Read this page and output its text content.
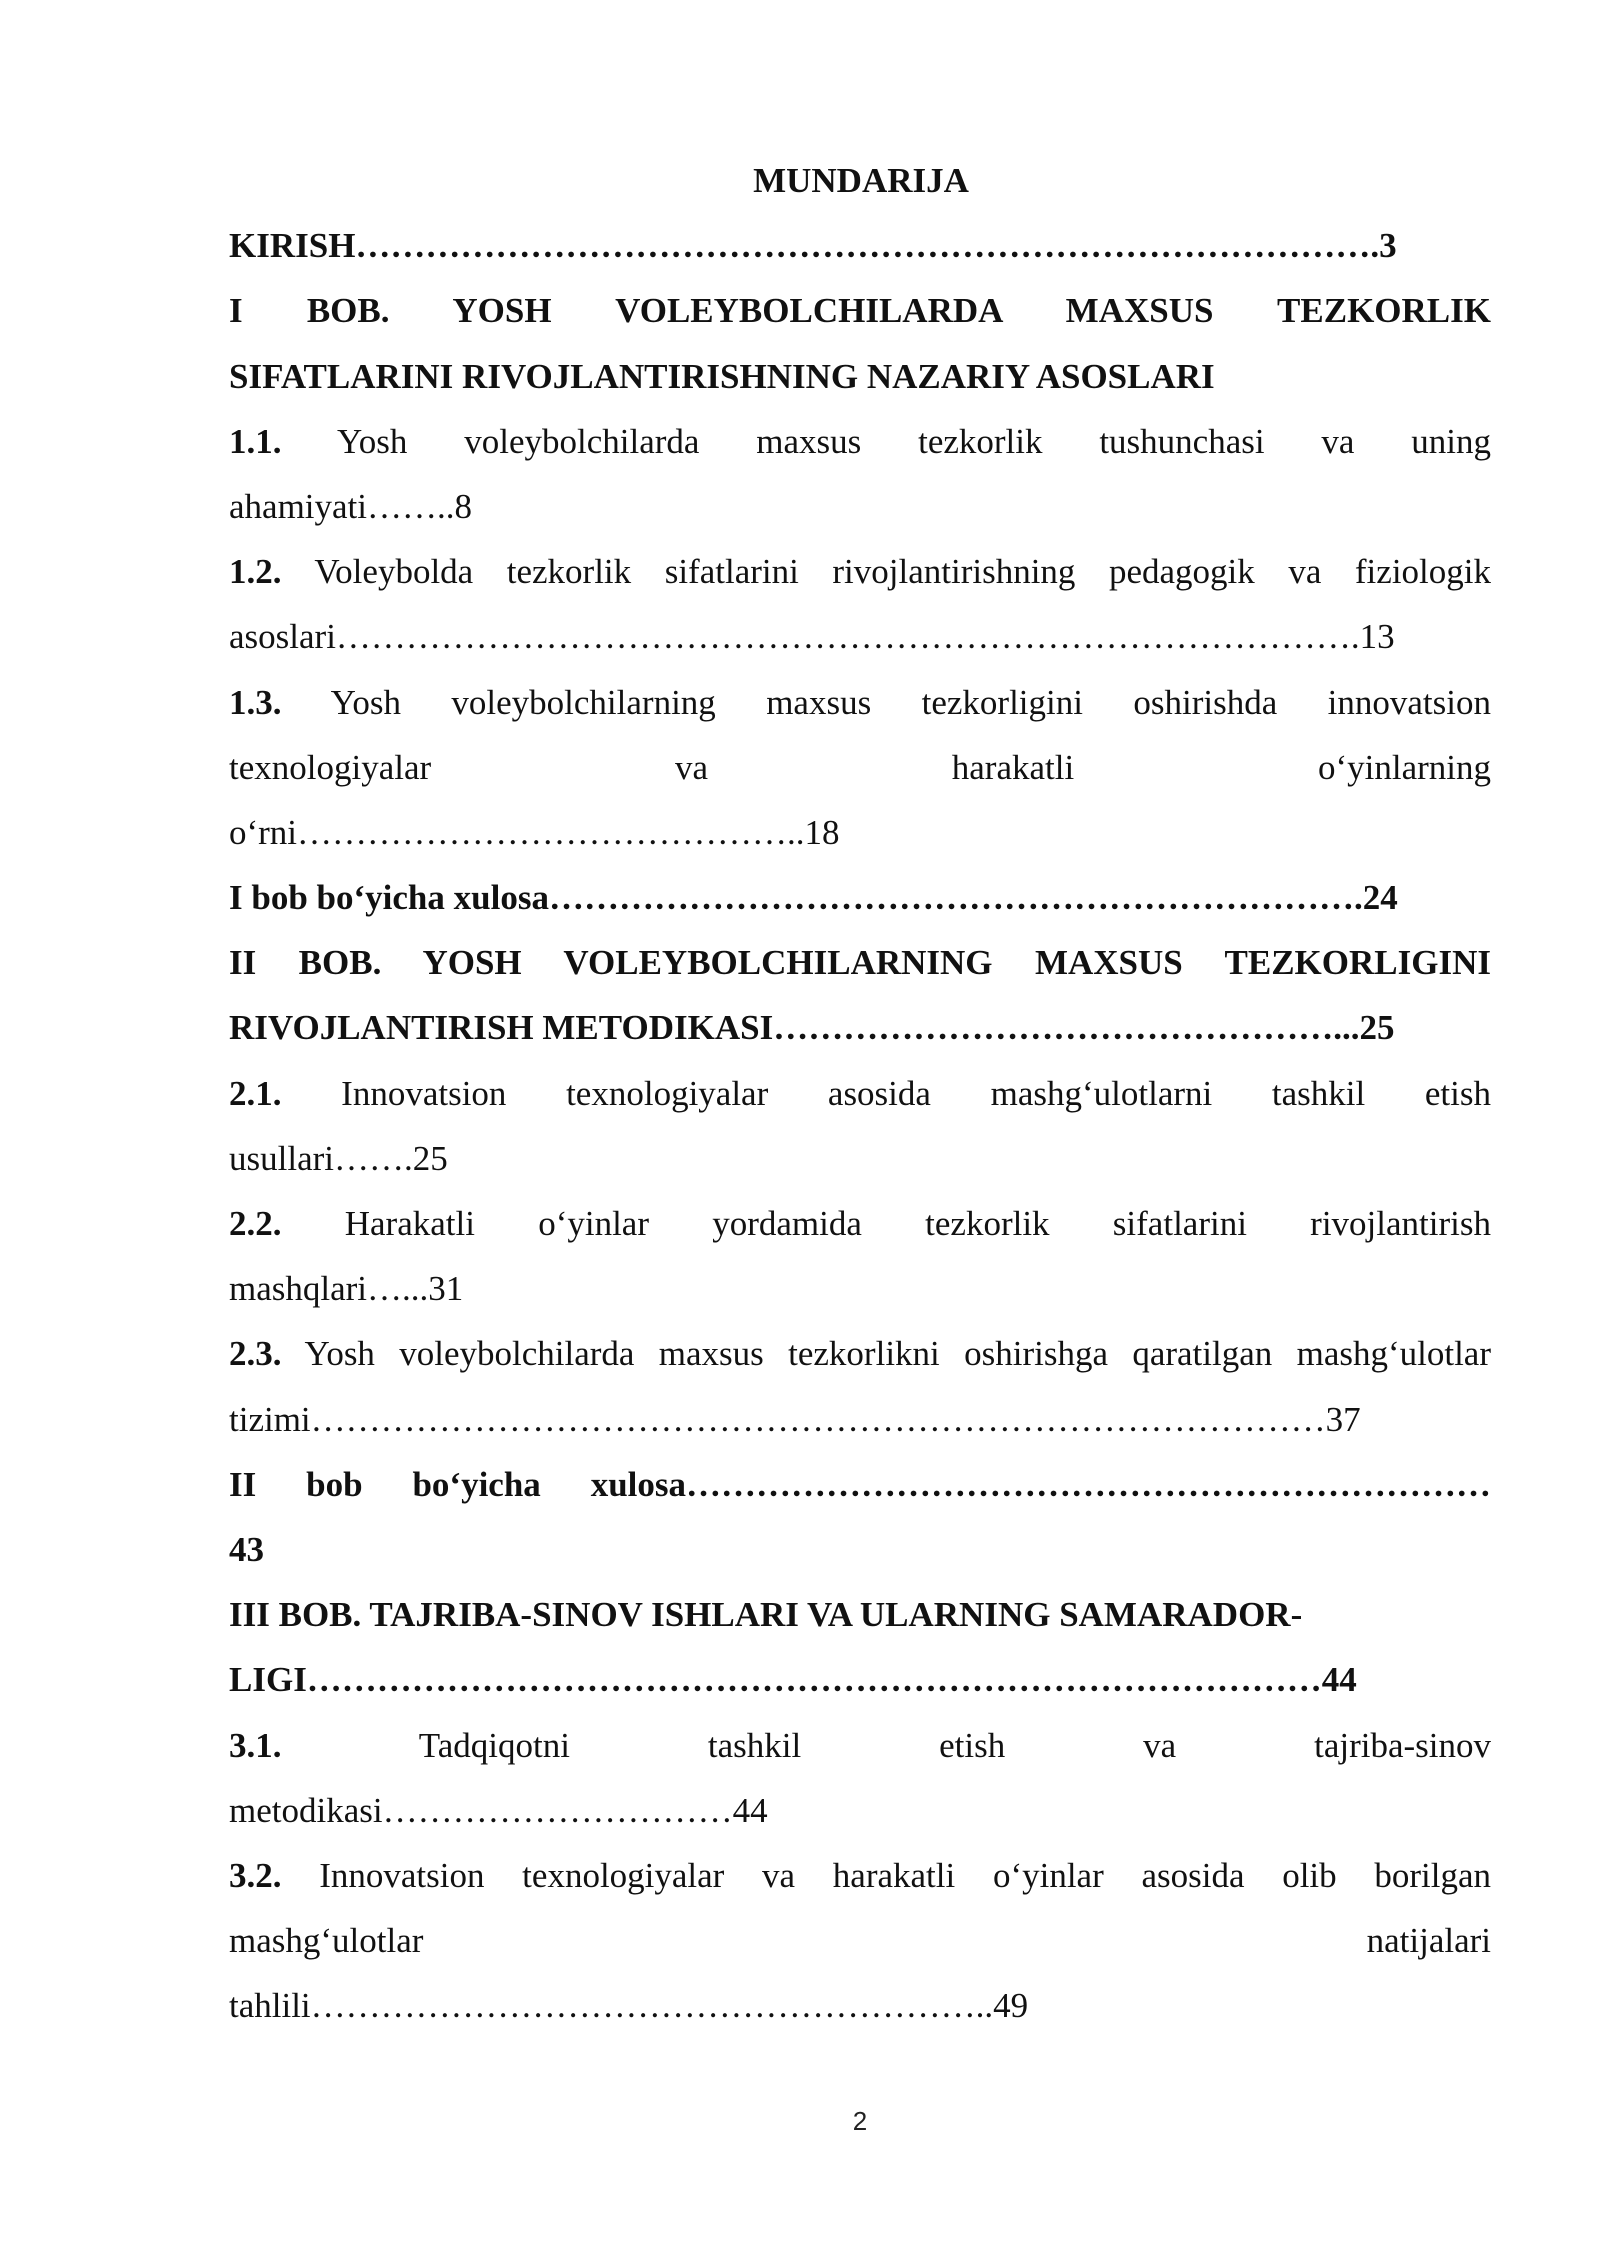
MUNDARIJA
KIRISH…………………………………………………………………………….3
I BOB. YOSH VOLEYBOLCHILARDA MAXSUS TEZKORLIK
SIFATLARINI RIVOJLANTIRISHNING NAZARIY ASOSLARI
1.1. Yosh voleybolchilarda maxsus tezkorlik tushunchasi va uning
ahamiyati……..8
1.2. Voleybolda tezkorlik sifatlarini rivojlantirishning pedagogik va fiziologik
asoslari…………………………………………………………………………….13
1.3. Yosh voleybolchilarning maxsus tezkorligini oshirishda innovatsion
texnologiyalar va harakatli o‘yinlarning
o‘rni……………………………………..18
I bob bo‘yicha xulosa…………………………………………………………….24
II BOB. YOSH VOLEYBOLCHILARNING MAXSUS TEZKORLIGINI
RIVOJLANTIRISH METODIKASI…………………………………………...25
2.1. Innovatsion texnologiyalar asosida mashg‘ulotlarni tashkil etish
usullari…….25
2.2. Harakatli o‘yinlar yordamida tezkorlik sifatlarini rivojlantirish
mashqlari…...31
2.3. Yosh voleybolchilarda maxsus tezkorlikni oshirishga qaratilgan mashg‘ulotlar
tizimi……………………………………………………………………………37
II bob bo‘yicha xulosa……………………………………………………………
43
III BOB. TAJRIBA-SINOV ISHLARI VA ULARNING SAMARADOR-
LIGI……………………………………………………………………………44
3.1. Tadqiqotni tashkil etish va tajriba-sinov
metodikasi…………………………44
3.2. Innovatsion texnologiyalar va harakatli o‘yinlar asosida olib borilgan
mashg‘ulotlar natijalari
tahlili…………………………………………………..49
2
